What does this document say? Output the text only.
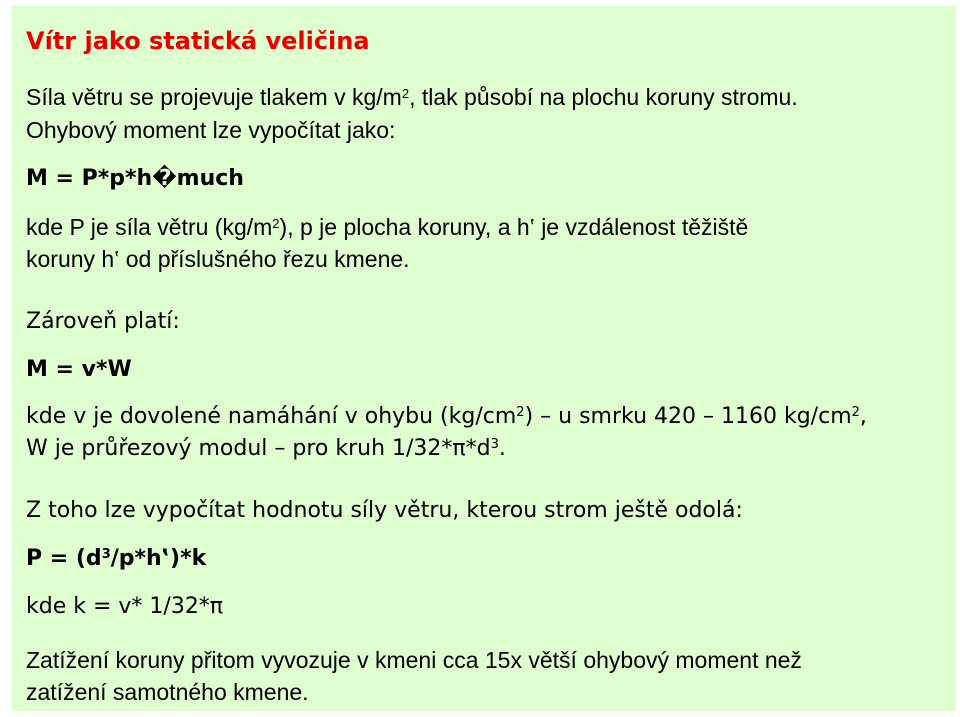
Vítr jako statická veličina
Síla větru se projevuje tlakem v $kg/m^2$, tlak působí na plochu koruny stromu.
Ohybový moment lze vypočítat jako:
M = P*p*h�much
kde P je síla větru $(kg/m^2)$, p je plocha koruny, a h‛ je vzdálenost těžiště
koruny h‛ od příslušného řezu kmene.
Zároveň platí:
M = v*W
kde v je dovolené namáhání v ohybu $(kg/cm^2)$ – u smrku 420 – 1160 $kg/cm^2$,
W je průřezový modul – pro kruh $1/32*\pi*d^3$.
Z toho lze vypočítat hodnotu síly větru, kterou strom ještě odolá:
$P = (d^3/p*h‛)*k$
kde k = v* 1/32*π
Zatížení koruny přitom vyvozuje v kmeni cca 15x větší ohybový moment než
zatížení samotného kmene.
